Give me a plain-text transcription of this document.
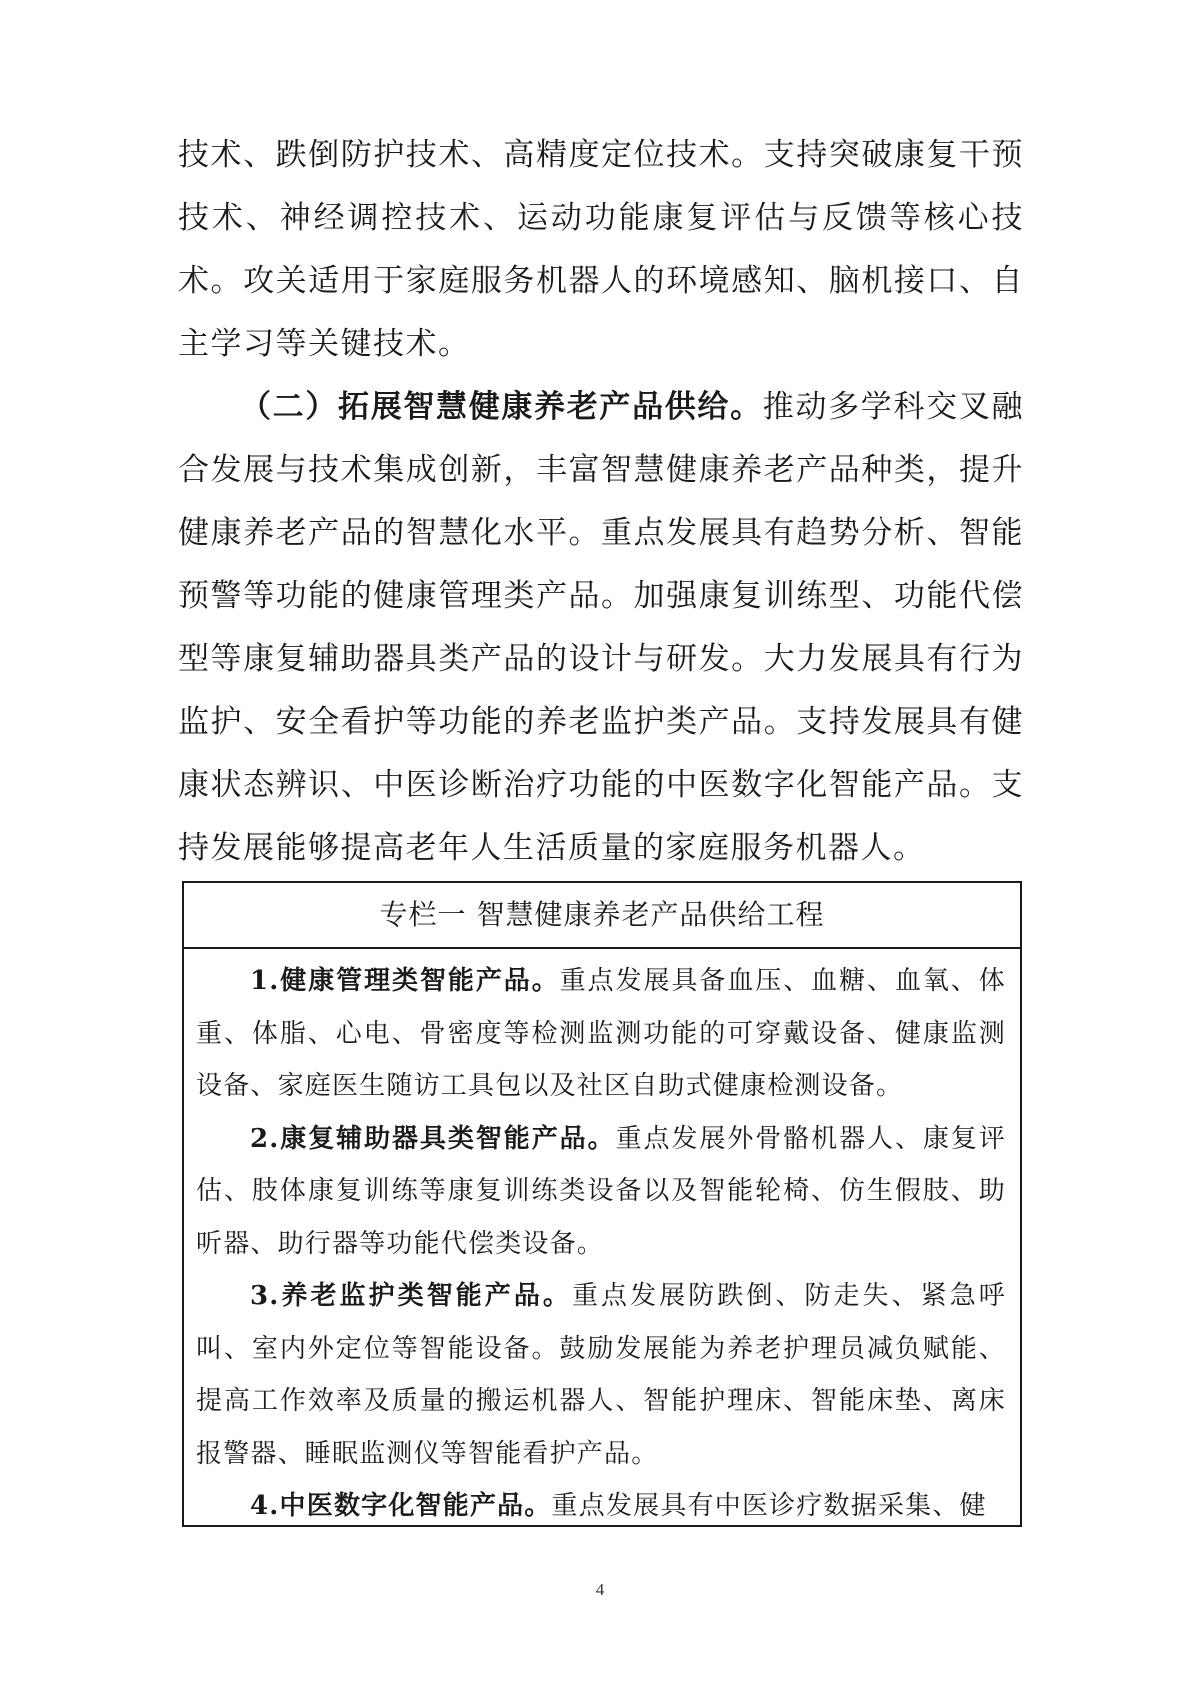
技术、跌倒防护技术、高精度定位技术。支持突破康复干预技术、神经调控技术、运动功能康复评估与反馈等核心技术。攻关适用于家庭服务机器人的环境感知、脑机接口、自主学习等关键技术。

（二）拓展智慧健康养老产品供给。推动多学科交叉融合发展与技术集成创新，丰富智慧健康养老产品种类，提升健康养老产品的智慧化水平。重点发展具有趋势分析、智能预警等功能的健康管理类产品。加强康复训练型、功能代偿型等康复辅助器具类产品的设计与研发。大力发展具有行为监护、安全看护等功能的养老监护类产品。支持发展具有健康状态辨识、中医诊断治疗功能的中医数字化智能产品。支持发展能够提高老年人生活质量的家庭服务机器人。

专栏一 智慧健康养老产品供给工程

1.健康管理类智能产品。重点发展具备血压、血糖、血氧、体重、体脂、心电、骨密度等检测监测功能的可穿戴设备、健康监测设备、家庭医生随访工具包以及社区自助式健康检测设备。

2.康复辅助器具类智能产品。重点发展外骨骼机器人、康复评估、肢体康复训练等康复训练类设备以及智能轮椅、仿生假肢、助听器、助行器等功能代偿类设备。

3.养老监护类智能产品。重点发展防跌倒、防走失、紧急呼叫、室内外定位等智能设备。鼓励发展能为养老护理员减负赋能、提高工作效率及质量的搬运机器人、智能护理床、智能床垫、离床报警器、睡眠监测仪等智能看护产品。

4.中医数字化智能产品。重点发展具有中医诊疗数据采集、健

4
